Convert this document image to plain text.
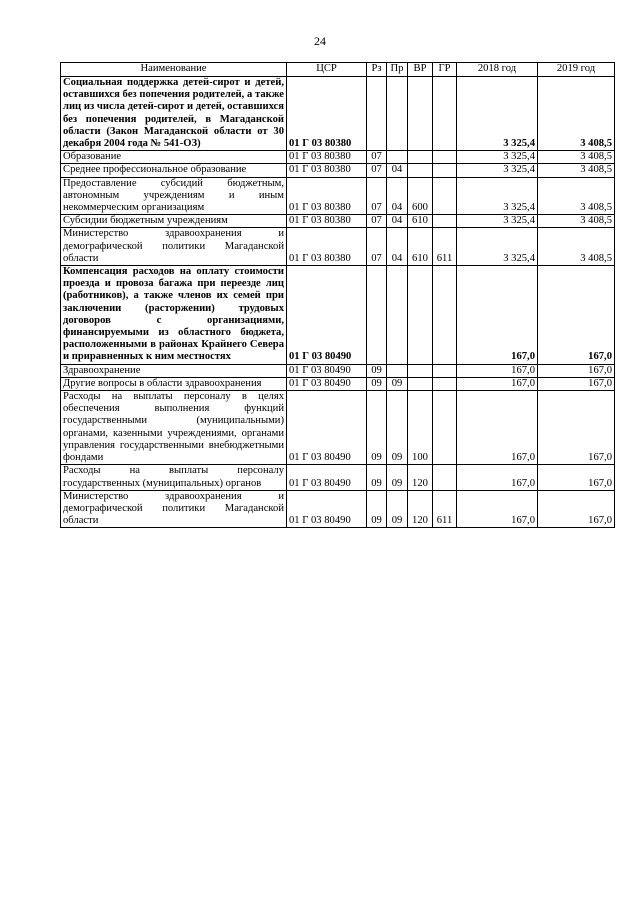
24
Наименование	ЦСР	Рз	Пр	ВР	ГР	2018 год	2019 год
Социальная поддержка детей-сирот и детей, оставшихся без попечения родителей, а также лиц из числа детей-сирот и детей, оставшихся без попечения родителей, в Магаданской области (Закон Магаданской области от 30 декабря 2004 года № 541-ОЗ)	01 Г 03 80380					3 325,4	3 408,5
Образование	01 Г 03 80380	07				3 325,4	3 408,5
Среднее профессиональное образование	01 Г 03 80380	07	04			3 325,4	3 408,5
Предоставление субсидий бюджетным, автономным учреждениям и иным некоммерческим организациям	01 Г 03 80380	07	04	600		3 325,4	3 408,5
Субсидии бюджетным учреждениям	01 Г 03 80380	07	04	610		3 325,4	3 408,5
Министерство здравоохранения и демографической политики Магаданской области	01 Г 03 80380	07	04	610	611	3 325,4	3 408,5
Компенсация расходов на оплату стоимости проезда и провоза багажа при переезде лиц (работников), а также членов их семей при заключении (расторжении) трудовых договоров с организациями, финансируемыми из областного бюджета, расположенными в районах Крайнего Севера и приравненных к ним местностях	01 Г 03 80490					167,0	167,0
Здравоохранение	01 Г 03 80490	09				167,0	167,0
Другие вопросы в области здравоохранения	01 Г 03 80490	09	09			167,0	167,0
Расходы на выплаты персоналу в целях обеспечения выполнения функций государственными (муниципальными) органами, казенными учреждениями, органами управления государственными внебюджетными фондами	01 Г 03 80490	09	09	100		167,0	167,0
Расходы на выплаты персоналу государственных (муниципальных) органов	01 Г 03 80490	09	09	120		167,0	167,0
Министерство здравоохранения и демографической политики Магаданской области	01 Г 03 80490	09	09	120	611	167,0	167,0
